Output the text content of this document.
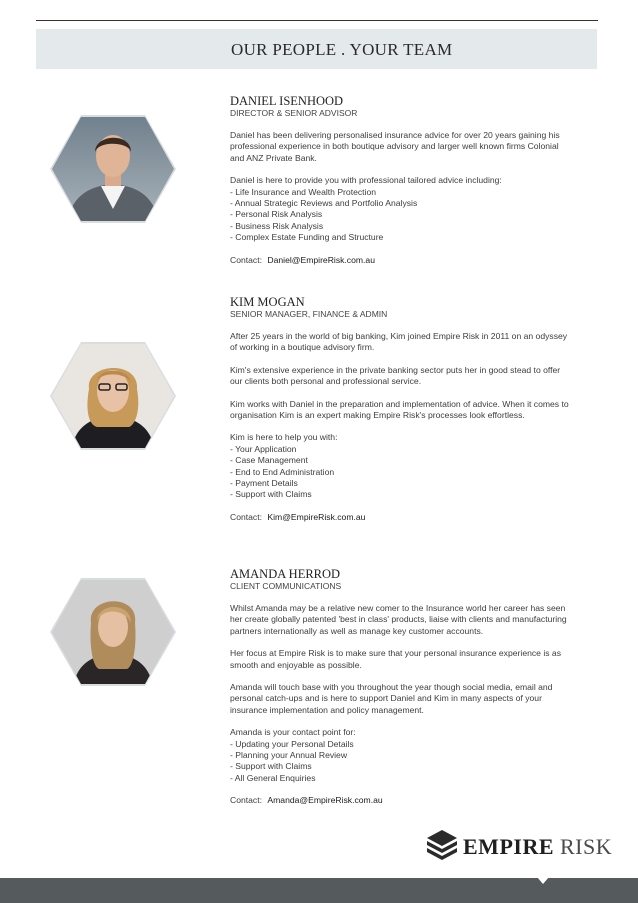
OUR PEOPLE . YOUR TEAM
DANIEL ISENHOOD
DIRECTOR & SENIOR ADVISOR

Daniel has been delivering personalised insurance advice for over 20 years gaining his professional experience in both boutique advisory and larger well known firms Colonial and ANZ Private Bank.

Daniel is here to provide you with professional tailored advice including:

- Life Insurance and Wealth Protection
- Annual Strategic Reviews and Portfolio Analysis
- Personal Risk Analysis
- Business Risk Analysis
- Complex Estate Funding and Structure
Contact: Daniel@EmpireRisk.com.au
KIM MOGAN
SENIOR MANAGER, FINANCE & ADMIN

After 25 years in the world of big banking, Kim joined Empire Risk in 2011 on an odyssey of working in a boutique advisory firm.

Kim's extensive experience in the private banking sector puts her in good stead to offer our clients both personal and professional service.

Kim works with Daniel in the preparation and implementation of advice. When it comes to organisation Kim is an expert making Empire Risk's processes look effortless.

Kim is here to help you with:

- Your Application
- Case Management
- End to End Administration
- Payment Details
- Support with Claims
Contact: Kim@EmpireRisk.com.au
AMANDA HERROD
CLIENT COMMUNICATIONS

Whilst Amanda may be a relative new comer to the Insurance world her career has seen her create globally patented 'best in class' products, liaise with clients and manufacturing partners internationally as well as manage key customer accounts.

Her focus at Empire Risk is to make sure that your personal insurance experience is as smooth and enjoyable as possible.

Amanda will touch base with you throughout the year though social media, email and personal catch-ups and is here to support Daniel and Kim in many aspects of your insurance implementation and policy management.

Amanda is your contact point for:

- Updating your Personal Details
- Planning your Annual Review
- Support with Claims
- All General Enquiries
Contact: Amanda@EmpireRisk.com.au
EMPIRE RISK
